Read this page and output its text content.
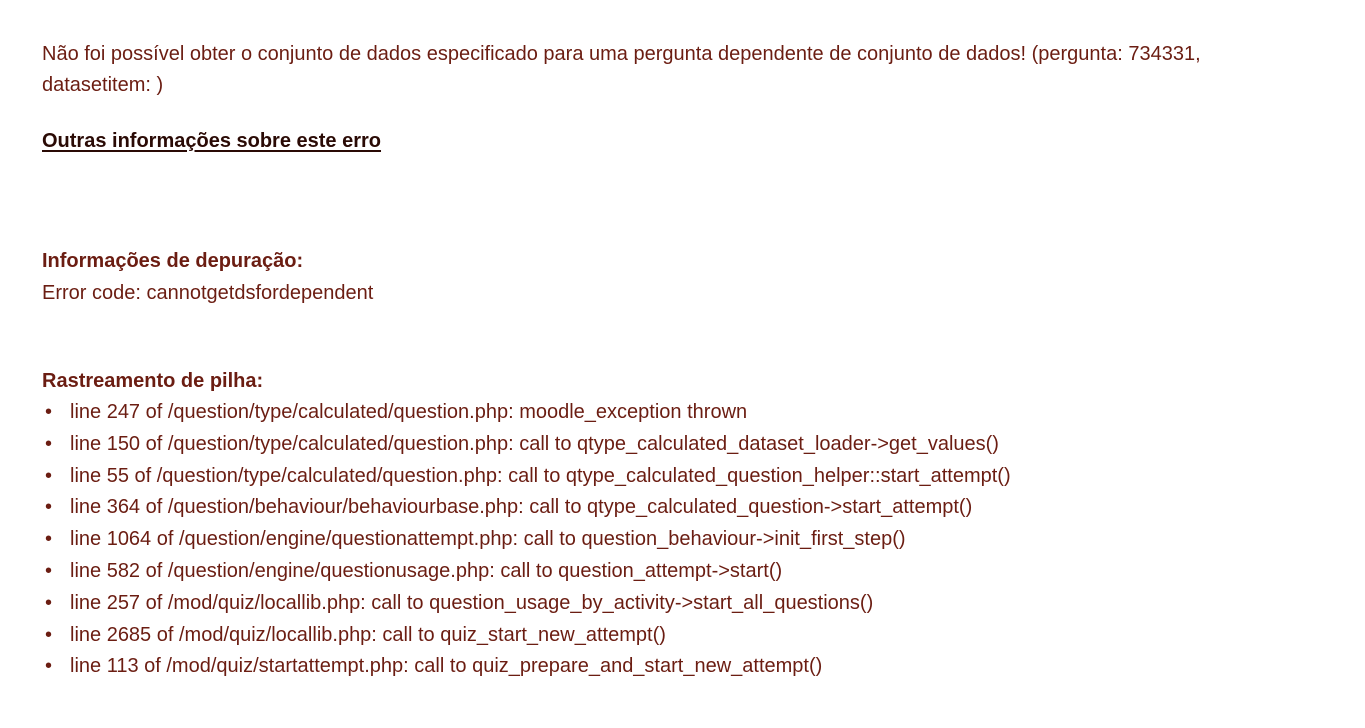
Não foi possível obter o conjunto de dados especificado para uma pergunta dependente de conjunto de dados! (pergunta: 734331, datasetitem: )

Outras informações sobre este erro

Informações de depuração:

Error code: cannotgetdsfordependent

Rastreamento de pilha:

• line 247 of /question/type/calculated/question.php: moodle_exception thrown
• line 150 of /question/type/calculated/question.php: call to qtype_calculated_dataset_loader->get_values()
• line 55 of /question/type/calculated/question.php: call to qtype_calculated_question_helper::start_attempt()
• line 364 of /question/behaviour/behaviourbase.php: call to qtype_calculated_question->start_attempt()
• line 1064 of /question/engine/questionattempt.php: call to question_behaviour->init_first_step()
• line 582 of /question/engine/questionusage.php: call to question_attempt->start()
• line 257 of /mod/quiz/locallib.php: call to question_usage_by_activity->start_all_questions()
• line 2685 of /mod/quiz/locallib.php: call to quiz_start_new_attempt()
• line 113 of /mod/quiz/startattempt.php: call to quiz_prepare_and_start_new_attempt()
